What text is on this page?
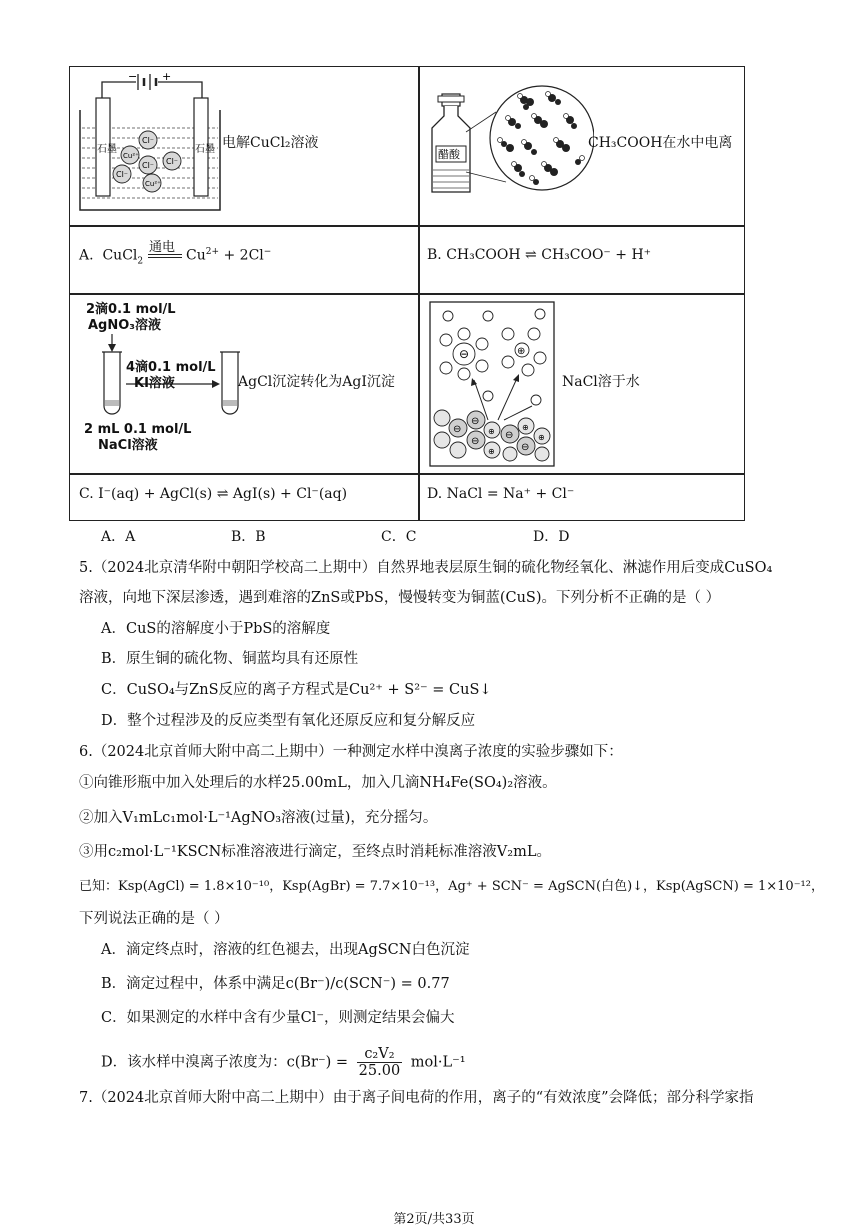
− +
石墨	石墨
Cl⁻
Cu²⁺
Cl⁻ Cl⁻
Cl⁻
Cu²⁺
电解CuCl₂溶液
醋酸
CH₃COOH在水中电离
通电
A.  CuCl$_2$	$Cu^{2+} + 2Cl^-$	B. CH₃COOH ⇌ CH₃COO⁻ + H⁺
2滴0.1 mol/L
AgNO₃溶液
4滴0.1 mol/L
KI溶液
2 mL 0.1 mol/L
NaCl溶液
AgCl沉淀转化为AgI沉淀
⊖	⊕
⊖
⊖
⊖
⊖
⊖
⊕
⊕
⊕
⊕
NaCl溶于水
C. I⁻(aq) + AgCl(s) ⇌ AgI(s) + Cl⁻(aq)	D. NaCl = Na⁺ + Cl⁻
A．A	B．B	C．C	D．D
5.（2024北京清华附中朝阳学校高二上期中）自然界地表层原生铜的硫化物经氧化、淋滤作用后变成CuSO₄
溶液，向地下深层渗透，遇到难溶的ZnS或PbS，慢慢转变为铜蓝(CuS)。下列分析不正确的是（ ）
A．CuS的溶解度小于PbS的溶解度
B．原生铜的硫化物、铜蓝均具有还原性
C．CuSO₄与ZnS反应的离子方程式是Cu²⁺ + S²⁻ = CuS↓
D．整个过程涉及的反应类型有氧化还原反应和复分解反应
6.（2024北京首师大附中高二上期中）一种测定水样中溴离子浓度的实验步骤如下：
①向锥形瓶中加入处理后的水样25.00mL，加入几滴NH₄Fe(SO₄)₂溶液。
②加入V₁mLc₁mol·L⁻¹AgNO₃溶液(过量)，充分摇匀。
③用c₂mol·L⁻¹KSCN标准溶液进行滴定，至终点时消耗标准溶液V₂mL。
已知：Ksp(AgCl) = 1.8×10⁻¹⁰，Ksp(AgBr) = 7.7×10⁻¹³，Ag⁺ + SCN⁻ = AgSCN(白色)↓，Ksp(AgSCN) = 1×10⁻¹²，
下列说法正确的是（ ）
A．滴定终点时，溶液的红色褪去，出现AgSCN白色沉淀
B．滴定过程中，体系中满足c(Br⁻)/c(SCN⁻) = 0.77
C．如果测定的水样中含有少量Cl⁻，则测定结果会偏大
D．该水样中溴离子浓度为：$c(Br^-) = \frac{\text{c₂V₂}}{25.00} mol\cdot L^{-1}$
7.（2024北京首师大附中高二上期中）由于离子间电荷的作用，离子的“有效浓度”会降低；部分科学家指
第2页/共33页
